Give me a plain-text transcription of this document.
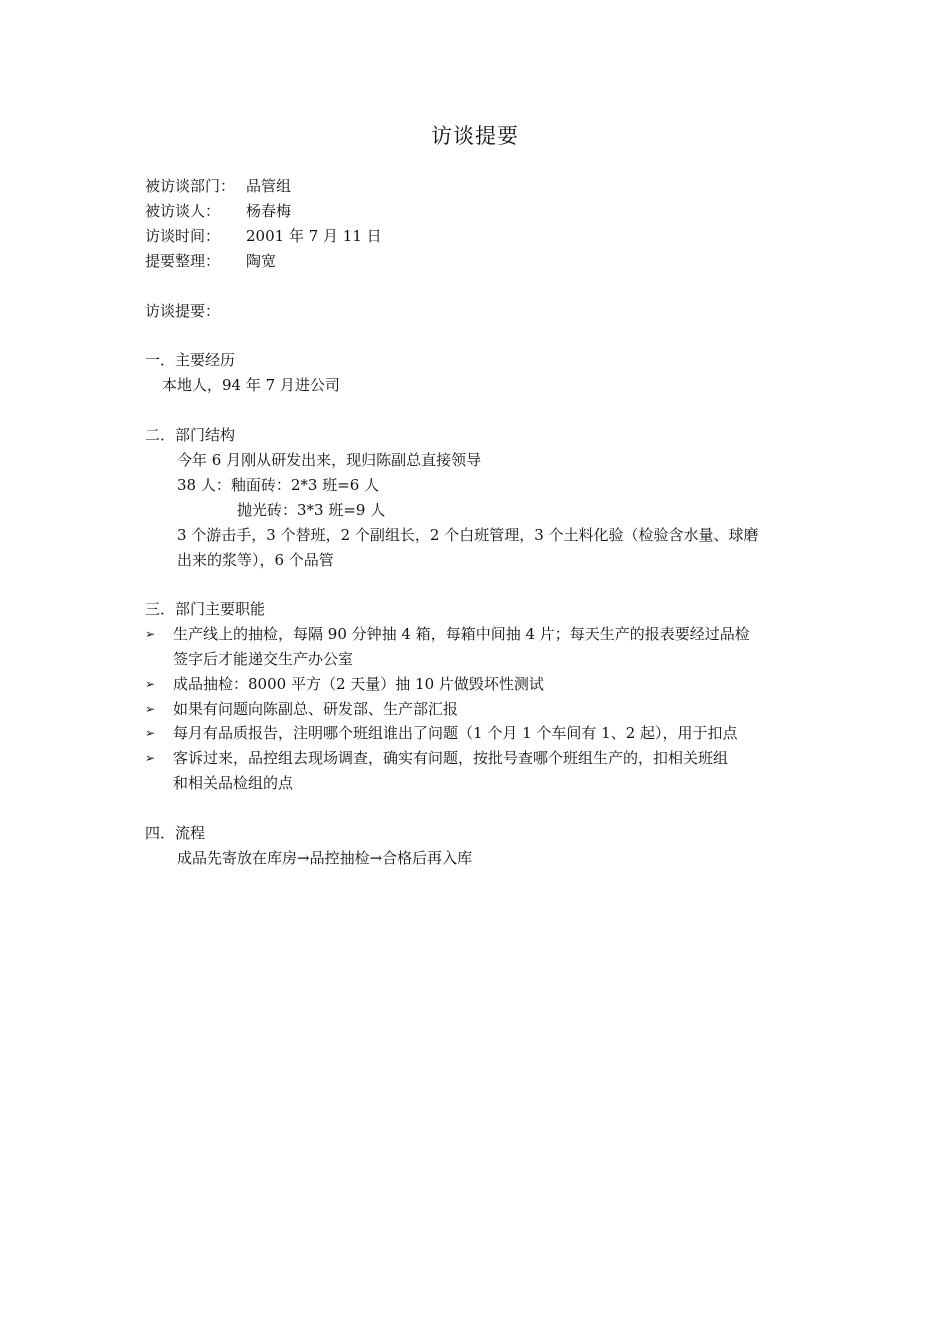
访谈提要
被访谈部门： 品管组
被访谈人： 杨春梅
访谈时间： 2001 年 7 月 11 日
提要整理： 陶宽
访谈提要：
一．主要经历
本地人，94 年 7 月进公司
二．部门结构
今年 6 月刚从研发出来，现归陈副总直接领导
38 人：釉面砖：2*3 班=6 人
抛光砖：3*3 班=9 人
3 个游击手，3 个替班，2 个副组长，2 个白班管理，3 个土料化验（检验含水量、球磨
出来的浆等），6 个品管
三．部门主要职能
➢ 生产线上的抽检，每隔 90 分钟抽 4 箱，每箱中间抽 4 片；每天生产的报表要经过品检
签字后才能递交生产办公室
➢ 成品抽检：8000 平方（2 天量）抽 10 片做毁坏性测试
➢ 如果有问题向陈副总、研发部、生产部汇报
➢ 每月有品质报告，注明哪个班组谁出了问题（1 个月 1 个车间有 1、2 起），用于扣点
➢ 客诉过来，品控组去现场调查，确实有问题，按批号查哪个班组生产的，扣相关班组
和相关品检组的点
四．流程
成品先寄放在库房→品控抽检→合格后再入库
